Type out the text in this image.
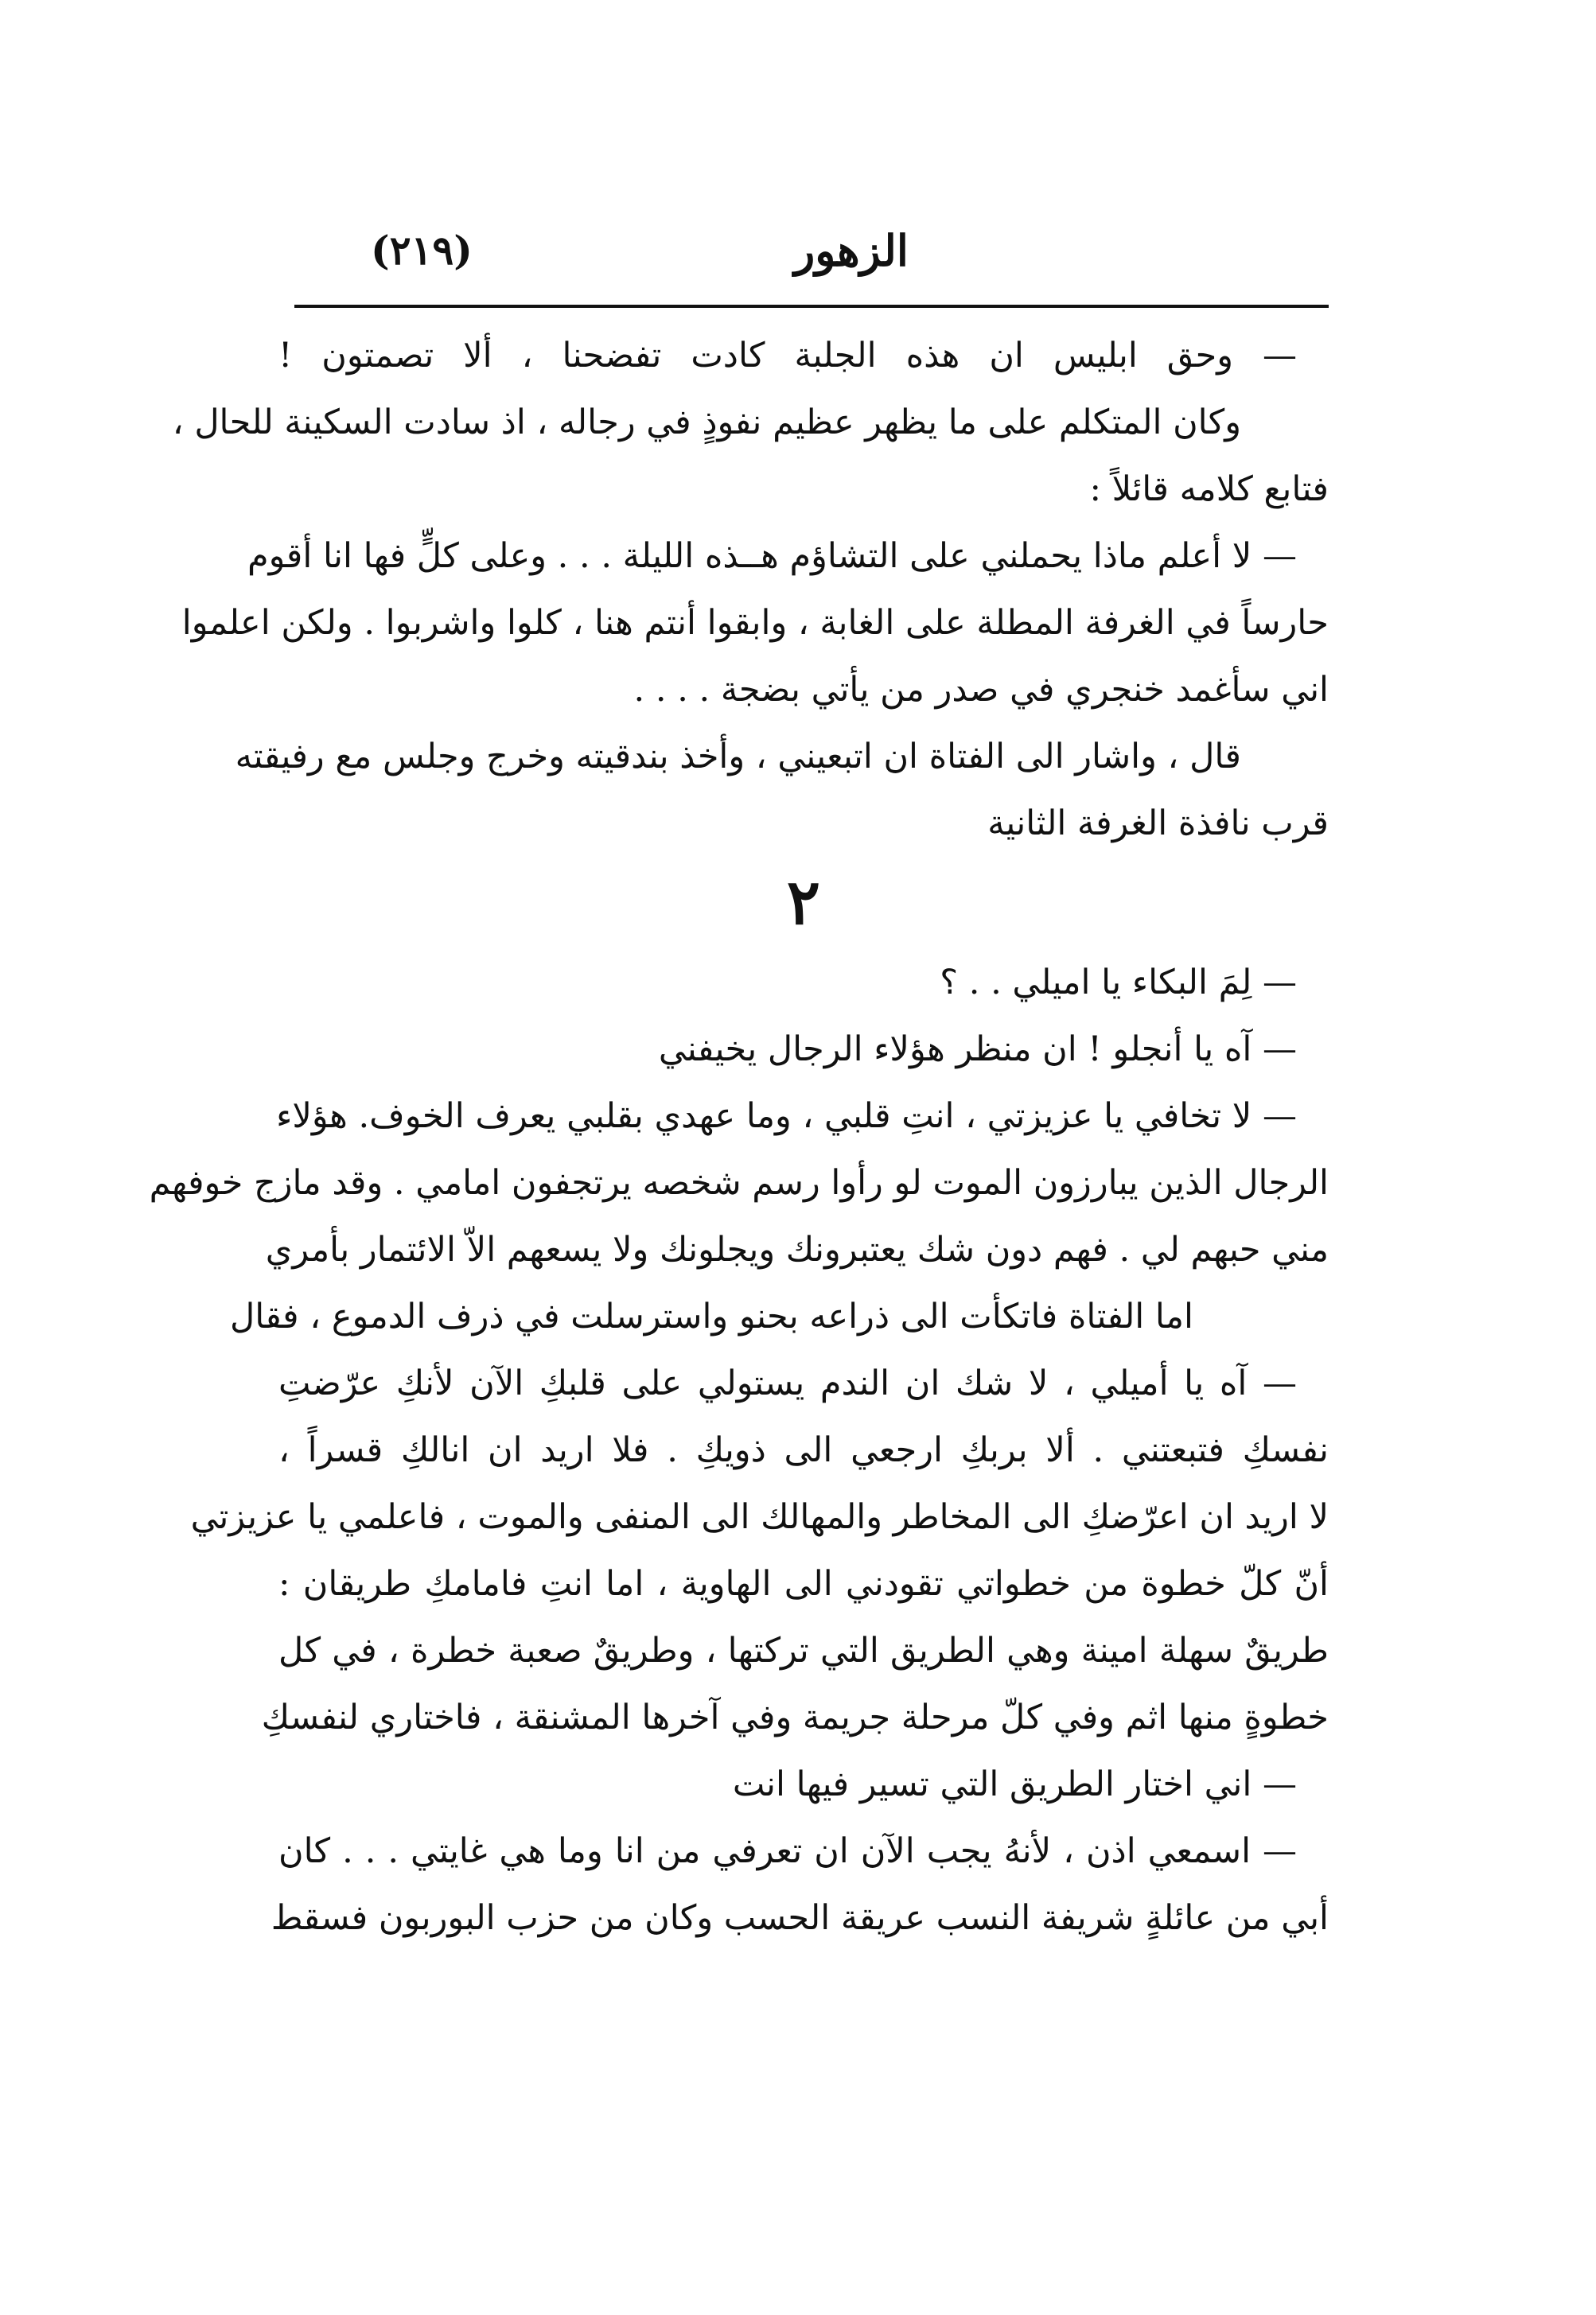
الزهور
(٢١٩)
— وحق ابليس ان هذه الجلبة كادت تفضحنا ، ألا تصمتون !
وكان المتكلم على ما يظهر عظيم نفوذٍ في رجاله ، اذ سادت السكينة للحال ،
فتابع كلامه قائلاً :
— لا أعلم ماذا يحملني على التشاؤم هــذه الليلة . . . وعلى كلٍّ فها انا أقوم
حارساً في الغرفة المطلة على الغابة ، وابقوا أنتم هنا ، كلوا واشربوا . ولكن اعلموا
اني سأغمد خنجري في صدر من يأتي بضجة . . . .
قال ، واشار الى الفتاة ان اتبعيني ، وأخذ بندقيته وخرج وجلس مع رفيقته
قرب نافذة الغرفة الثانية
٢
— لِمَ البكاء يا اميلي . . ؟
— آه يا أنجلو ! ان منظر هؤلاء الرجال يخيفني
— لا تخافي يا عزيزتي ، انتِ قلبي ، وما عهدي بقلبي يعرف الخوف. هؤلاء
الرجال الذين يبارزون الموت لو رأوا رسم شخصه يرتجفون امامي . وقد مازج خوفهم
مني حبهم لي . فهم دون شك يعتبرونك ويجلونك ولا يسعهم الاّ الائتمار بأمري
اما الفتاة فاتكأت الى ذراعه بحنو واسترسلت في ذرف الدموع ، فقال
— آه يا أميلي ، لا شك ان الندم يستولي على قلبكِ الآن لأنكِ عرّضتِ
نفسكِ فتبعتني . ألا بربكِ ارجعي الى ذويكِ . فلا اريد ان انالكِ قسراً ،
لا اريد ان اعرّضكِ الى المخاطر والمهالك الى المنفى والموت ، فاعلمي يا عزيزتي
أنّ كلّ خطوة من خطواتي تقودني الى الهاوية ، اما انتِ فامامكِ طريقان :
طريقٌ سهلة امينة وهي الطريق التي تركتها ، وطريقٌ صعبة خطرة ، في كل
خطوةٍ منها اثم وفي كلّ مرحلة جريمة وفي آخرها المشنقة ، فاختاري لنفسكِ
— اني اختار الطريق التي تسير فيها انت
— اسمعي اذن ، لأنهُ يجب الآن ان تعرفي من انا وما هي غايتي . . . كان
أبي من عائلةٍ شريفة النسب عريقة الحسب وكان من حزب البوربون فسقط
